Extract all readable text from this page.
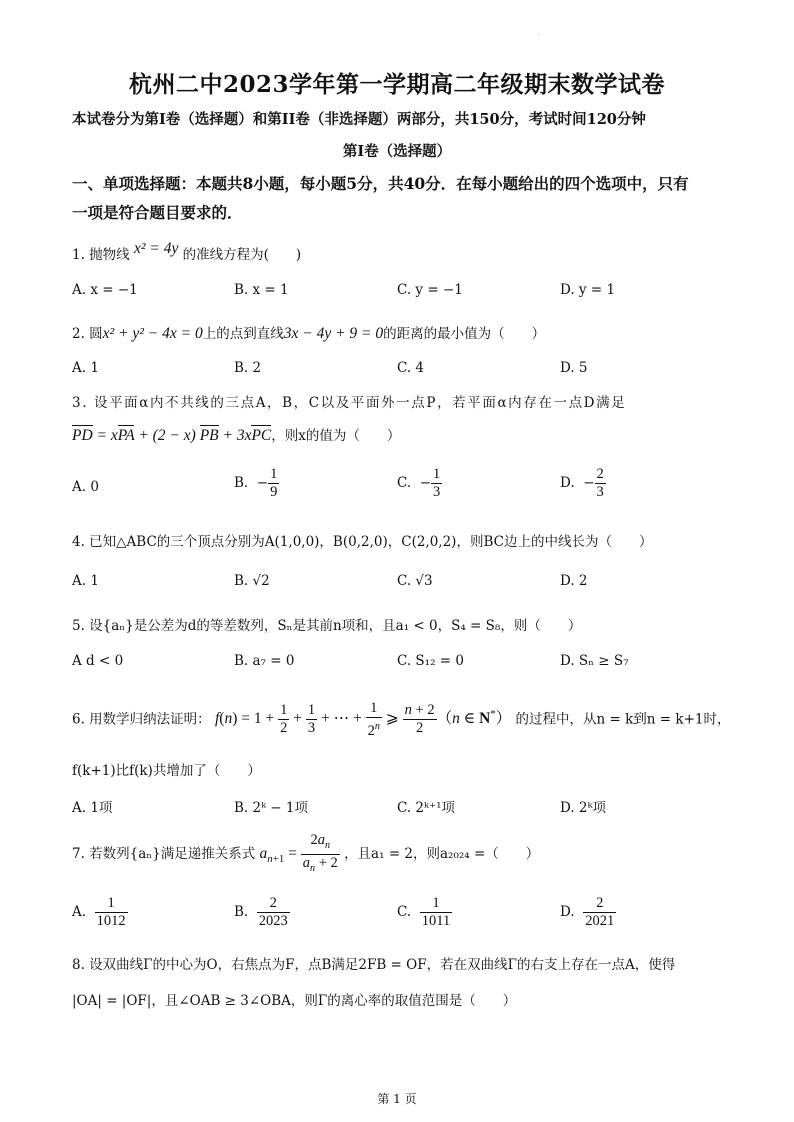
.
杭州二中2023学年第一学期高二年级期末数学试卷
本试卷分为第I卷（选择题）和第II卷（非选择题）两部分，共150分，考试时间120分钟
第I卷（选择题）
一、单项选择题：本题共8小题，每小题5分，共40分．在每小题给出的四个选项中，只有
一项是符合题目要求的．
1. 抛物线 x² = 4y 的准线方程为(　　)
A. x = −1	B. x = 1	C. y = −1	D. y = 1
2. 圆x² + y² − 4x = 0上的点到直线3x − 4y + 9 = 0的距离的最小值为（　　）
A. 1	B. 2	C. 4	D. 5
3. 设平面α内不共线的三点A，B，C以及平面外一点P，若平面α内存在一点D满足
PD = xPA + (2 − x) PB + 3xPC，则x的值为（　　）
A. 0	B.  − $\frac{1}{9}$	C.  − $\frac{1}{3}$	D.  − $\frac{2}{3}$
4. 已知△ABC的三个顶点分别为A(1,0,0)，B(0,2,0)，C(2,0,2)，则BC边上的中线长为（　　）
A. 1	B. √2	C. √3	D. 2
5. 设{aₙ}是公差为d的等差数列，Sₙ是其前n项和，且a₁ < 0，S₄ = S₈，则（　　）
A d < 0	B. a₇ = 0	C. S₁₂ = 0	D. Sₙ ≥ S₇
6. 用数学归纳法证明： $f(n) = 1 + \frac{1}{2} + \frac{1}{3}$ + ⋯ + $\frac{1}{2^n}$ ⩾ $\frac{n + 2}{2} (n$ ∈ N*） 的过程中，从n = k到n = k+1时，
f(k+1)比f(k)共增加了（　　）
A. 1项	B. 2ᵏ − 1项	C. 2ᵏ⁺¹项	D. 2ᵏ项
7. 若数列{aₙ}满足递推关系式 $a_{n+1} = \frac{2a_n}{a_n + 2}$ ，且a₁ = 2，则a₂₀₂₄ =（　　）
A. $\frac{1}{1012}$	B. $\frac{2}{2023}$	C. $\frac{1}{1011}$	D. $\frac{2}{2021}$
8. 设双曲线Γ的中心为O，右焦点为F，点B满足2FB = OF，若在双曲线Γ的右支上存在一点A，使得
|OA| = |OF|，且∠OAB ≥ 3∠OBA，则Γ的离心率的取值范围是（　　）
第 1 页
